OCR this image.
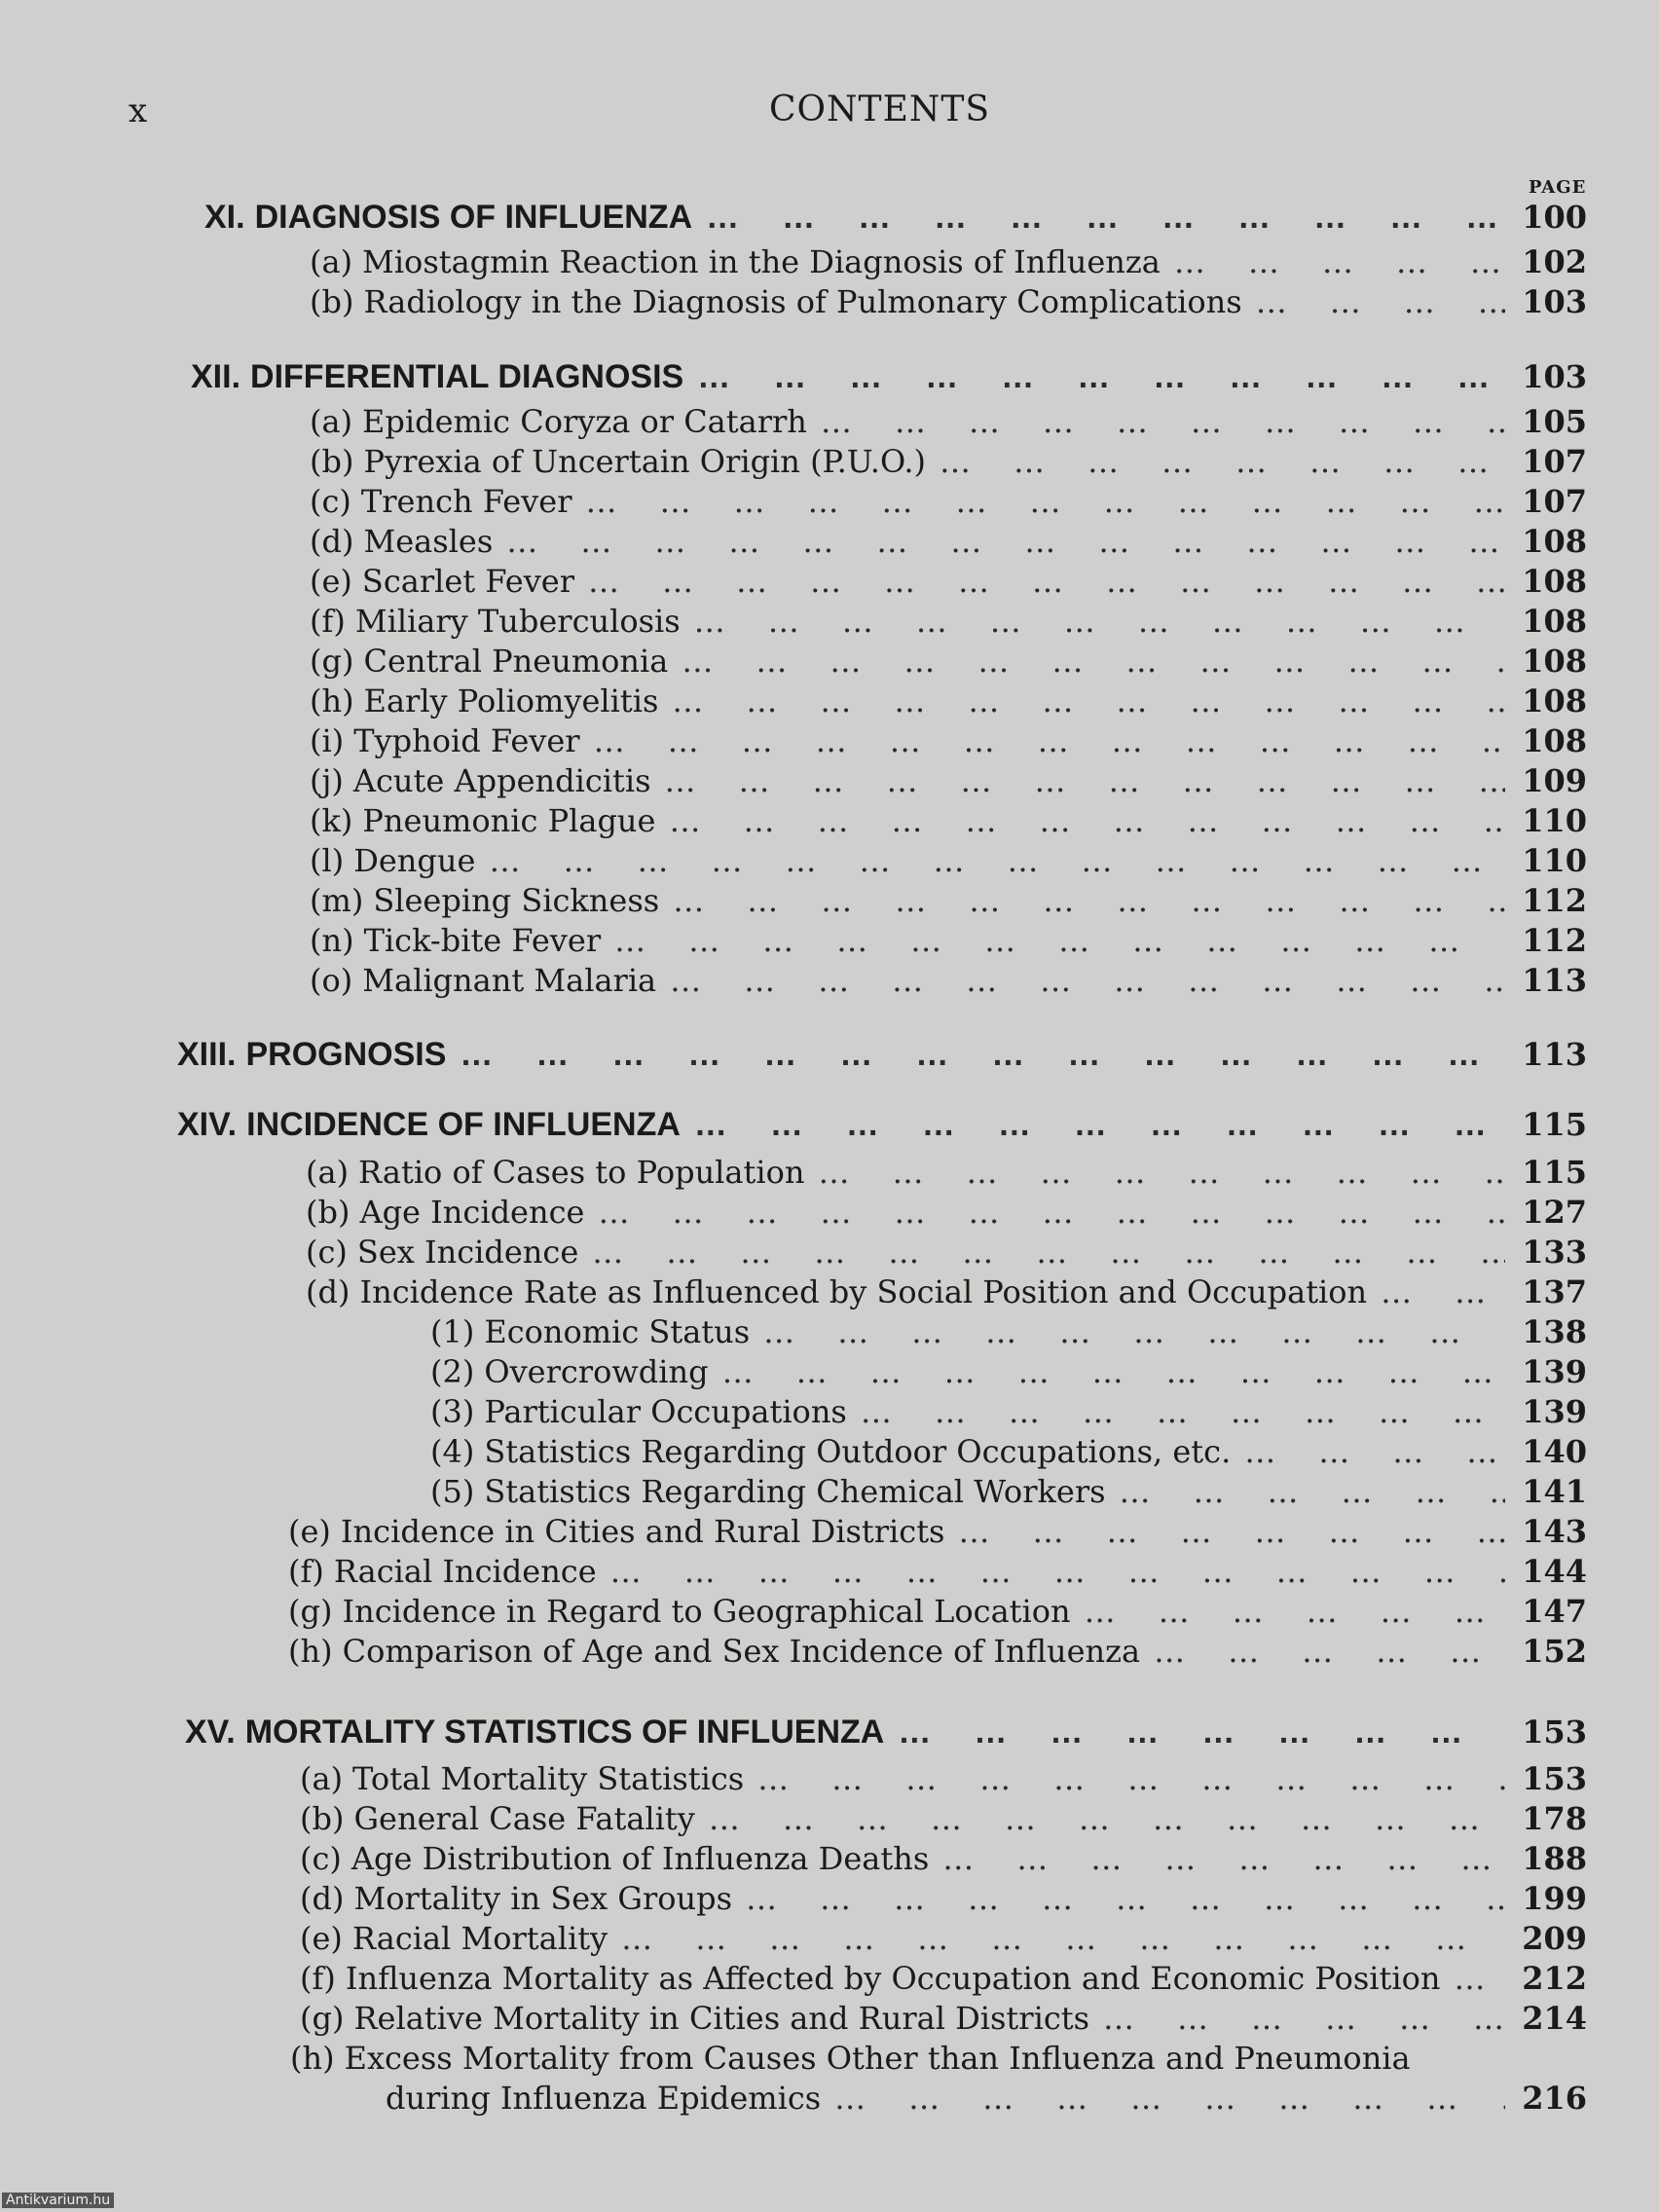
x	CONTENTS
PAGE
XI. DIAGNOSIS OF INFLUENZA ……………………………………………………	100
(a) Miostagmin Reaction in the Diagnosis of Influenza ……………………………………………………	102
(b) Radiology in the Diagnosis of Pulmonary Complications ……………………………………………………	103
XII. DIFFERENTIAL DIAGNOSIS ……………………………………………………	103
(a) Epidemic Coryza or Catarrh ……………………………………………………	105
(b) Pyrexia of Uncertain Origin (P.U.O.) ……………………………………………………	107
(c) Trench Fever ……………………………………………………	107
(d) Measles ……………………………………………………	108
(e) Scarlet Fever ……………………………………………………	108
(f) Miliary Tuberculosis ……………………………………………………	108
(g) Central Pneumonia ……………………………………………………	108
(h) Early Poliomyelitis ……………………………………………………	108
(i) Typhoid Fever ……………………………………………………	108
(j) Acute Appendicitis ……………………………………………………	109
(k) Pneumonic Plague ……………………………………………………	110
(l) Dengue ……………………………………………………	110
(m) Sleeping Sickness ……………………………………………………	112
(n) Tick-bite Fever ……………………………………………………	112
(o) Malignant Malaria ……………………………………………………	113
XIII. PROGNOSIS ……………………………………………………	113
XIV. INCIDENCE OF INFLUENZA ……………………………………………………	115
(a) Ratio of Cases to Population ……………………………………………………	115
(b) Age Incidence ……………………………………………………	127
(c) Sex Incidence ……………………………………………………	133
(d) Incidence Rate as Influenced by Social Position and Occupation ……………………………………………………	137
(1) Economic Status ……………………………………………………	138
(2) Overcrowding ……………………………………………………	139
(3) Particular Occupations ……………………………………………………	139
(4) Statistics Regarding Outdoor Occupations, etc. ……………………………………………………	140
(5) Statistics Regarding Chemical Workers ……………………………………………………	141
(e) Incidence in Cities and Rural Districts ……………………………………………………	143
(f) Racial Incidence ……………………………………………………	144
(g) Incidence in Regard to Geographical Location ……………………………………………………	147
(h) Comparison of Age and Sex Incidence of Influenza ……………………………………………………	152
XV. MORTALITY STATISTICS OF INFLUENZA ……………………………………………………	153
(a) Total Mortality Statistics ……………………………………………………	153
(b) General Case Fatality ……………………………………………………	178
(c) Age Distribution of Influenza Deaths ……………………………………………………	188
(d) Mortality in Sex Groups ……………………………………………………	199
(e) Racial Mortality ……………………………………………………	209
(f) Influenza Mortality as Affected by Occupation and Economic Position ……………………………………………………	212
(g) Relative Mortality in Cities and Rural Districts ……………………………………………………	214
(h) Excess Mortality from Causes Other than Influenza and Pneumonia
during Influenza Epidemics ……………………………………………………	216
Antikvarium.hu
